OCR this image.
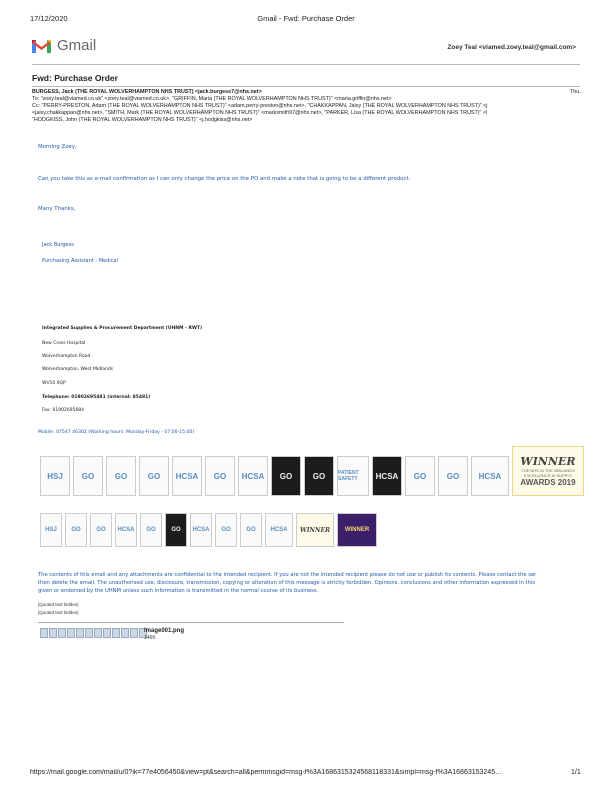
17/12/2020	Gmail - Fwd: Purchase Order
Gmail	Zoey Teal <viamed.zoey.teal@gmail.com>
Fwd: Purchase Order
BURGESS, Jack (THE ROYAL WOLVERHAMPTON NHS TRUST) <jack.burgess7@nhs.net>	Thu,
To: "zoey.teal@viamed.co.uk" <zoey.teal@viamed.co.uk>, "GRIFFIN, Maria (THE ROYAL WOLVERHAMPTON NHS TRUST)" <maria.griffin@nhs.net>
Cc: "PERRY-PRESTON, Adam (THE ROYAL WOLVERHAMPTON NHS TRUST)" <adam.perry-preston@nhs.net>, "CHAKKAPPAN, Jaisy (THE ROYAL WOLVERHAMPTON NHS TRUST)" <j
<jaisy.chakkappan@nhs.net>, "SMITH, Mark (THE ROYAL WOLVERHAMPTON NHS TRUST)" <marksmith97@nhs.net>, "PARKER, Lisa (THE ROYAL WOLVERHAMPTON NHS TRUST)" <l
"HODGKISS, John (THE ROYAL WOLVERHAMPTON NHS TRUST)" <j.hodgkiss@nhs.net>
Morning Zoey,
Can you take this as e-mail confirmation as I can only change the price on the PO and make a note that is going to be a different product.
Many Thanks,
Jack Burgess
Purchasing Assistant - Medical
Integrated Supplies & Procurement Department (UHNM - RWT)
New Cross Hospital
Wolverhampton Road
Wolverhampton, West Midlands
WV10 0QP
Telephone: 01902695481 (internal: 85481)
Fax: 01902695684
Mobile: 07547 46302 (Working hours: Monday-Friday - 07:00-15:00)
HSJ GO	GO	GO HCSA GO HCSA GO	GO	PATIENT SAFETY	HCSA GO	GO HCSA
WINNER
THE NHS IN THE MIDLANDS
EXCELLENCE IN SUPPLY
AWARDS 2019
HSJ GO	GO HCSA GO	GO HCSA GO	GO HCSA WINNER WINNER
The contents of this email and any attachments are confidential to the intended recipient. If you are not the intended recipient please do not use or publish its contents. Please contact the ser
then delete the email. The unauthorised use, disclosure, transmission, copying or alteration of this message is strictly forbidden. Opinions, conclusions and other information expressed in this
given or endorsed by the UHNM unless such information is transmitted in the normal course of its business.
[Quoted text hidden]
[Quoted text hidden]
image001.png
146K
https://mail.google.com/mail/u/0?ik=77e4056450&view=pt&search=all&permmsgid=msg-f%3A1686315324568118331&simpl=msg-f%3A16863153245…	1/1
